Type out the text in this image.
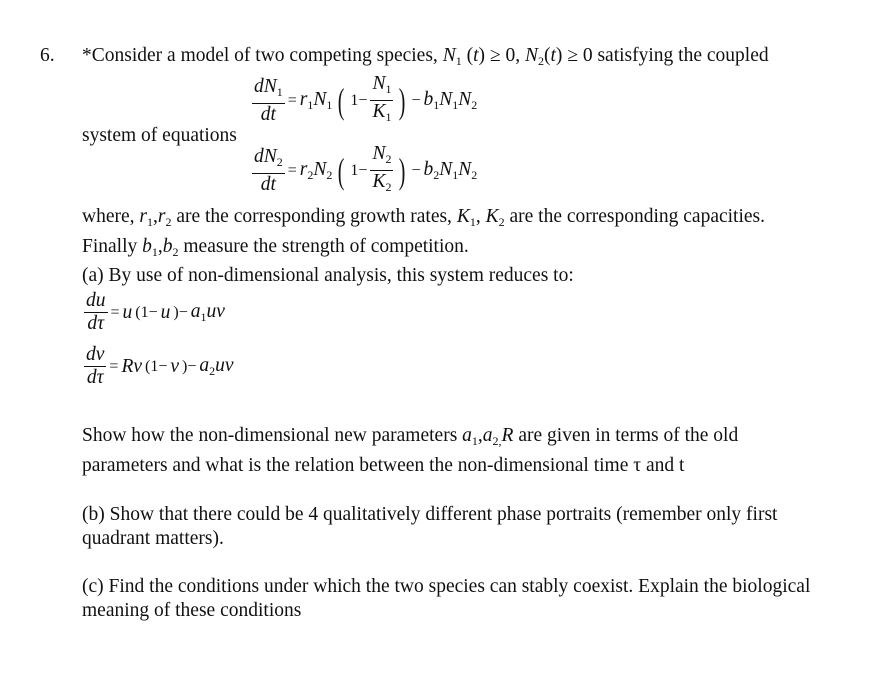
6. *Consider a model of two competing species, $N_1$ (t) ≥ 0, $N_2(t) \ge 0$ satisfying the coupled
$\frac{dN_1}{dt} = r_1N_1$ ( $1- \frac{N_1}{K_1}$ ) − $b_1N_1N_2$
system of equations
$\frac{dN_2}{dt} = r_2N_2$ ( $1- \frac{N_2}{K_2}$ ) − $b_2N_1N_2$
where, $r_1,r_2$ are the corresponding growth rates, $K_1$, $K_2$ are the corresponding capacities.
Finally $b_1,b_2$ measure the strength of competition.
(a) By use of non-dimensional analysis, this system reduces to:
$\frac{du}{d\tau} = u$ (1− u )− $a_1uv$
$\frac{dv}{d\tau} = Rv$ (1− v )− $a_2uv$
Show how the non-dimensional new parameters $a_1,a_{2,}R$ are given in terms of the old
parameters and what is the relation between the non-dimensional time τ and t
(b) Show that there could be 4 qualitatively different phase portraits (remember only first
quadrant matters).
(c) Find the conditions under which the two species can stably coexist. Explain the biological
meaning of these conditions
